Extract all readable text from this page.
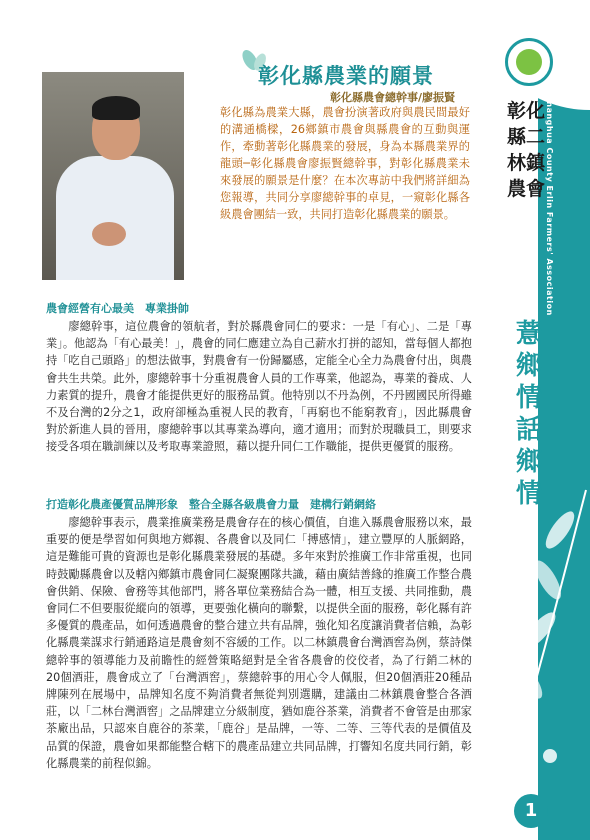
彰化縣二林鎮農會 Changhua County Erlin Farmers' Association
薏鄉情話鄉情
1
彰化縣農業的願景
彰化縣農會總幹事/廖振賢
彰化縣為農業大縣，農會扮演著政府與農民間最好的溝通橋樑，26鄉鎮市農會與縣農會的互動與運作，牽動著彰化縣農業的發展，身為本縣農業界的龍頭─彰化縣農會廖振賢總幹事，對彰化縣農業未來發展的願景是什麼？在本次專訪中我們將詳細為您報導，共同分享廖總幹事的卓見，一窺彰化縣各級農會團結一致，共同打造彰化縣農業的願景。
農會經營有心最美　專業掛帥
廖總幹事，這位農會的領航者，對於縣農會同仁的要求：一是「有心」、二是「專業」。他認為「有心最美！」，農會的同仁應建立為自己薪水打拼的認知，當每個人都抱持「吃自己頭路」的想法做事，對農會有一份歸屬感，定能全心全力為農會付出，與農會共生共榮。此外，廖總幹事十分重視農會人員的工作專業，他認為，專業的養成、人力素質的提升，農會才能提供更好的服務品質。他特別以不丹為例，不丹國國民所得雖不及台灣的2分之1，政府卻極為重視人民的教育，「再窮也不能窮教育」，因此縣農會對於新進人員的晉用，廖總幹事以其專業為導向，適才適用；而對於現職員工，則要求接受各項在職訓練以及考取專業證照，藉以提升同仁工作職能，提供更優質的服務。
打造彰化農產優質品牌形象　整合全縣各級農會力量　建構行銷網絡
廖總幹事表示，農業推廣業務是農會存在的核心價值，自進入縣農會服務以來，最重要的便是學習如何與地方鄉親、各農會以及同仁「搏感情」，建立豐厚的人脈網路，這是難能可貴的資源也是彰化縣農業發展的基礎。多年來對於推廣工作非常重視，也同時鼓勵縣農會以及轄內鄉鎮市農會同仁凝聚團隊共識，藉由廣結善緣的推廣工作整合農會供銷、保險、會務等其他部門，將各單位業務結合為一體，相互支援、共同推動，農會同仁不但要服從縱向的領導，更要強化橫向的聯繫，以提供全面的服務，彰化縣有許多優質的農產品，如何透過農會的整合建立共有品牌，強化知名度讓消費者信賴，為彰化縣農業謀求行銷通路這是農會刻不容緩的工作。以二林鎮農會台灣酒窖為例，蔡詩傑總幹事的領導能力及前瞻性的經營策略絕對是全省各農會的佼佼者，為了行銷二林的20個酒莊，農會成立了「台灣酒窖」，蔡總幹事的用心令人佩服，但20個酒莊20種品牌陳列在展場中，品牌知名度不夠消費者無從判別選購，建議由二林鎮農會整合各酒莊，以「二林台灣酒窖」之品牌建立分級制度，猶如鹿谷茶業，消費者不會管是由那家茶廠出品，只認來自鹿谷的茶業，「鹿谷」是品牌，一等、二等、三等代表的是價值及品質的保證，農會如果都能整合轄下的農產品建立共同品牌，打響知名度共同行銷，彰化縣農業的前程似錦。
